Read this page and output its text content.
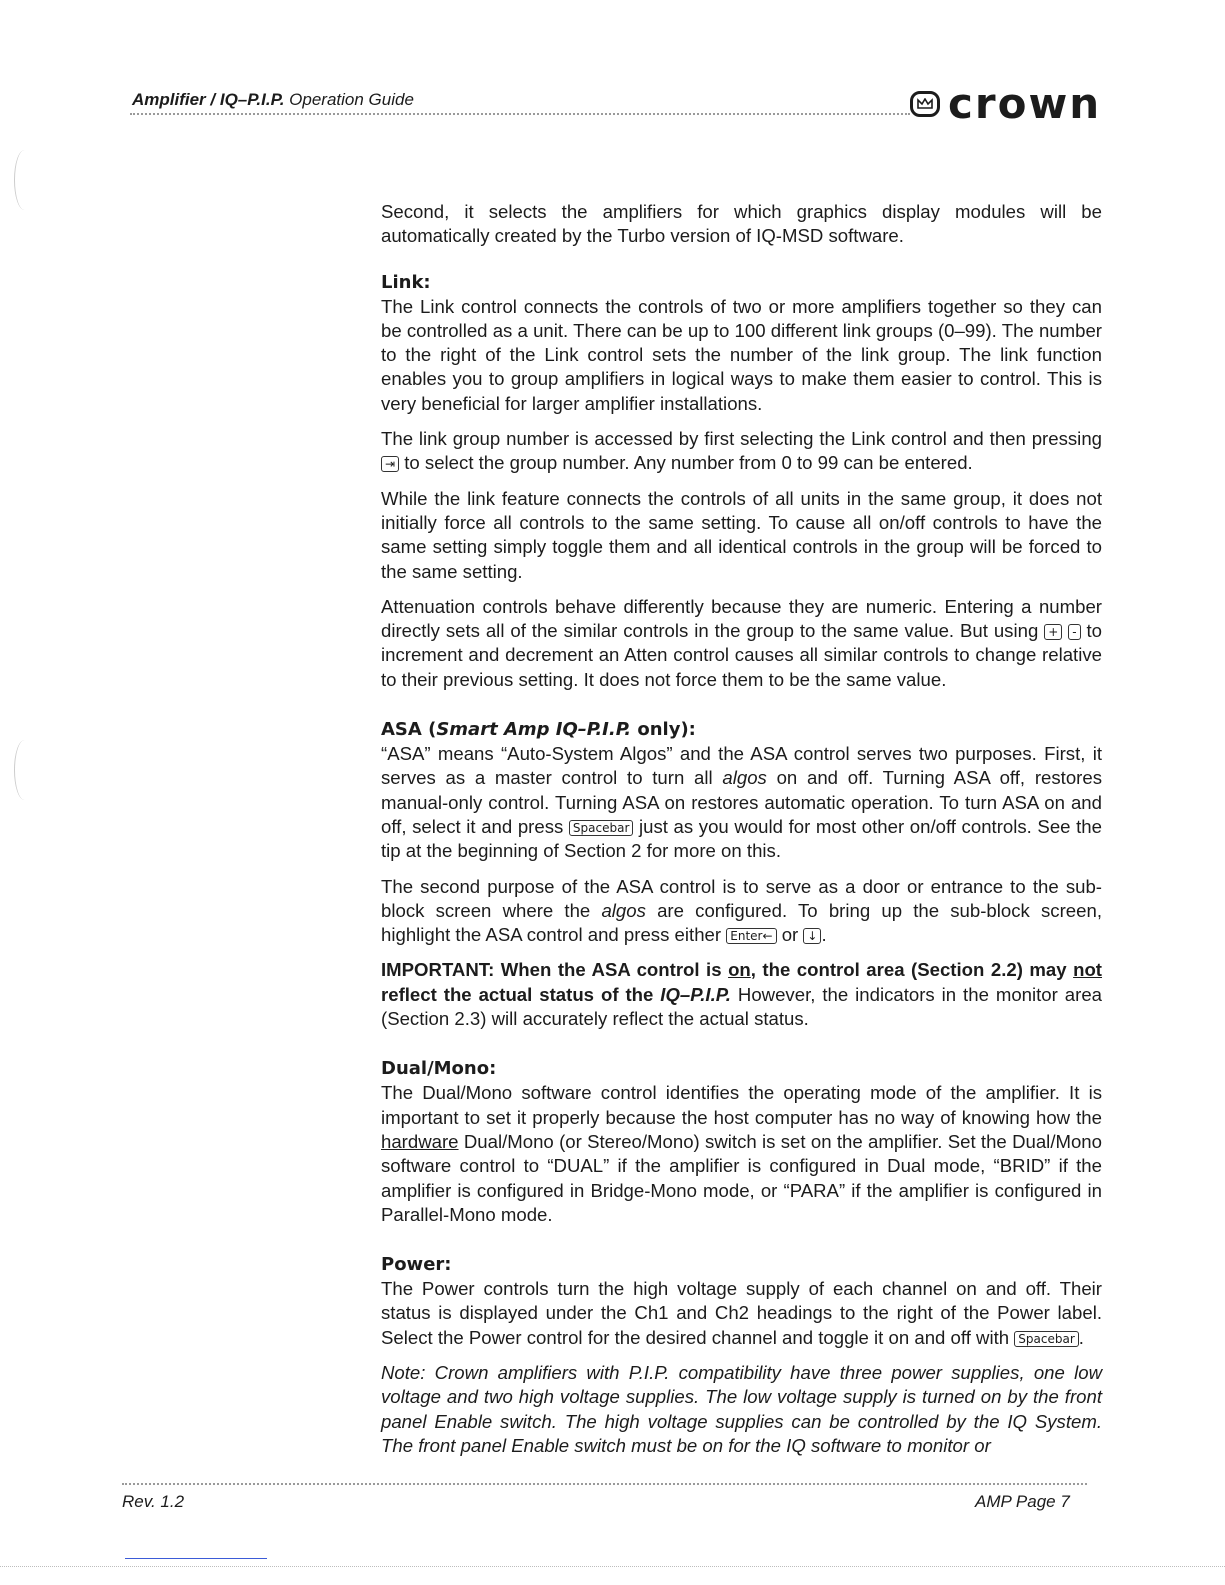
Amplifier / IQ–P.I.P. Operation Guide	crown

Second, it selects the amplifiers for which graphics display modules will be automatically created by the Turbo version of IQ-MSD software.

Link:

The Link control connects the controls of two or more amplifiers together so they can be controlled as a unit. There can be up to 100 different link groups (0–99). The number to the right of the Link control sets the number of the link group. The link function enables you to group amplifiers in logical ways to make them easier to control. This is very beneficial for larger amplifier installations.

The link group number is accessed by first selecting the Link control and then pressing ⇥ to select the group number. Any number from 0 to 99 can be entered.

While the link feature connects the controls of all units in the same group, it does not initially force all controls to the same setting. To cause all on/off controls to have the same setting simply toggle them and all identical controls in the group will be forced to the same setting.

Attenuation controls behave differently because they are numeric. Entering a number directly sets all of the similar controls in the group to the same value. But using + - to increment and decrement an Atten control causes all similar controls to change relative to their previous setting. It does not force them to be the same value.

ASA (Smart Amp IQ–P.I.P. only):

“ASA” means “Auto-System Algos” and the ASA control serves two purposes. First, it serves as a master control to turn all algos on and off. Turning ASA off, restores manual-only control. Turning ASA on restores automatic operation. To turn ASA on and off, select it and press Spacebar just as you would for most other on/off controls. See the tip at the beginning of Section 2 for more on this.

The second purpose of the ASA control is to serve as a door or entrance to the sub-block screen where the algos are configured. To bring up the sub-block screen, highlight the ASA control and press either Enter← or ↓ .

IMPORTANT: When the ASA control is on, the control area (Section 2.2) may not reflect the actual status of the IQ–P.I.P. However, the indicators in the monitor area (Section 2.3) will accurately reflect the actual status.

Dual/Mono:

The Dual/Mono software control identifies the operating mode of the amplifier. It is important to set it properly because the host computer has no way of knowing how the hardware Dual/Mono (or Stereo/Mono) switch is set on the amplifier. Set the Dual/Mono software control to “DUAL” if the amplifier is configured in Dual mode, “BRID” if the amplifier is configured in Bridge-Mono mode, or “PARA” if the amplifier is configured in Parallel-Mono mode.

Power:

The Power controls turn the high voltage supply of each channel on and off. Their status is displayed under the Ch1 and Ch2 headings to the right of the Power label. Select the Power control for the desired channel and toggle it on and off with Spacebar .

Note: Crown amplifiers with P.I.P. compatibility have three power supplies, one low voltage and two high voltage supplies. The low voltage supply is turned on by the front panel Enable switch. The high voltage supplies can be controlled by the IQ System. The front panel Enable switch must be on for the IQ software to monitor or

Rev. 1.2	AMP Page 7
